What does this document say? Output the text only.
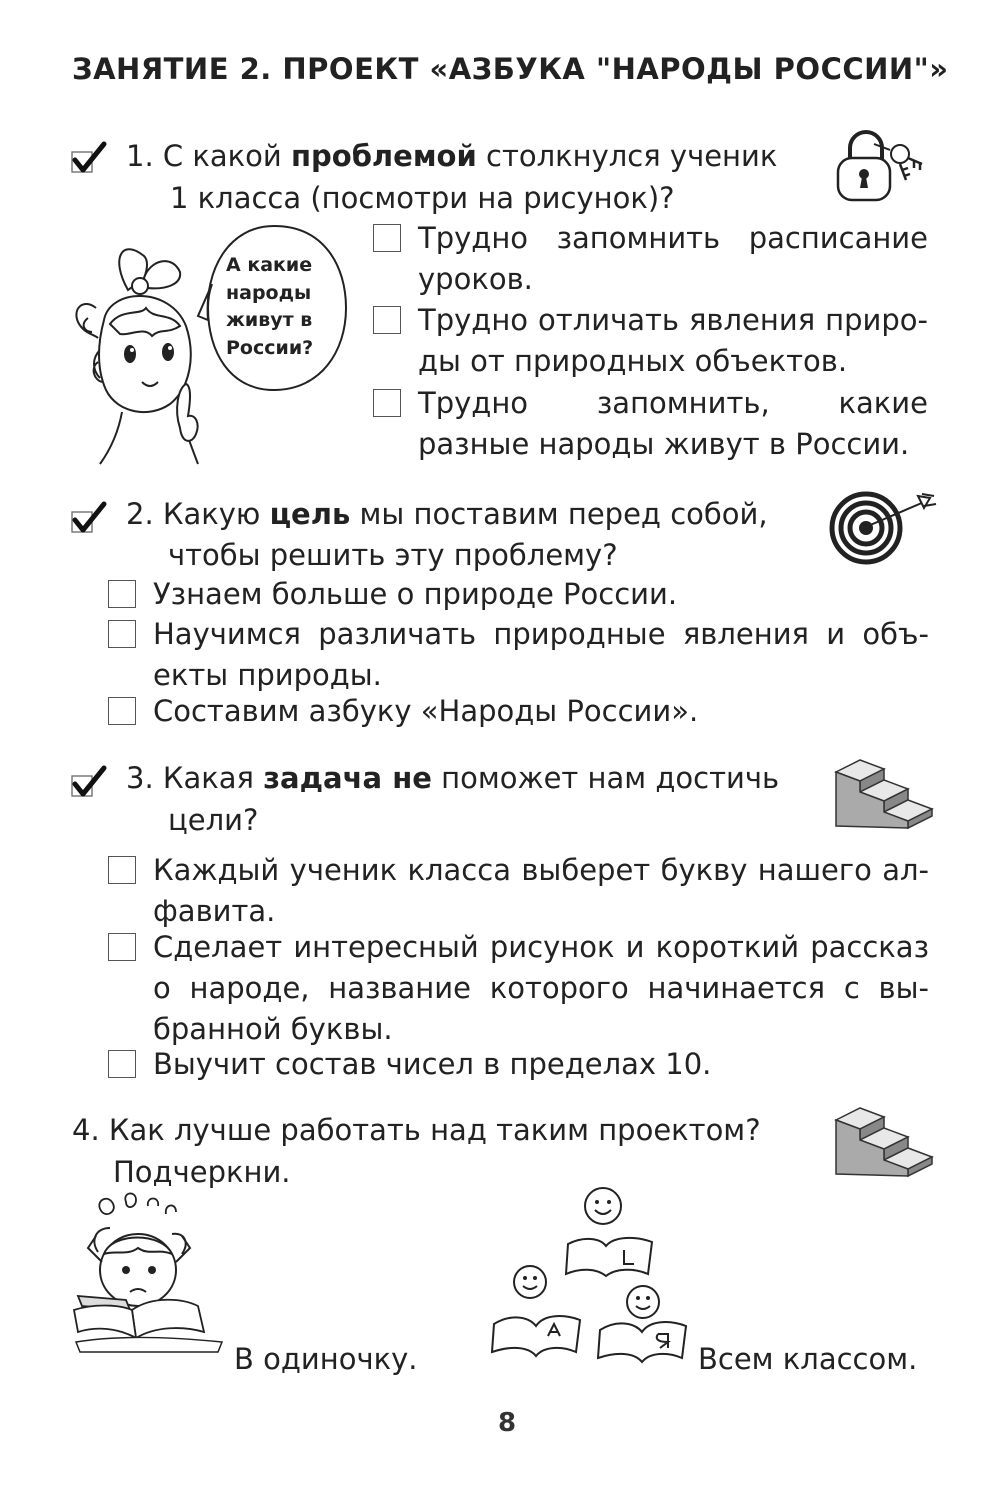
ЗАНЯТИЕ 2. ПРОЕКТ «АЗБУКА "НАРОДЫ РОССИИ"»
1. С какой проблемой столкнулся ученик
1 класса (посмотри на рисунок)?
А какие
народы
живут в
России?
Трудно запомнить расписание уроков.
Трудно отличать явления приро-ды от природных объектов.
Трудно запомнить, какие разные народы живут в России.
2. Какую цель мы поставим перед собой,
чтобы решить эту проблему?
Узнаем больше о природе России.
Научимся различать природные явления и объ-екты природы.
Составим азбуку «Народы России».
3. Какая задача не поможет нам достичь
цели?
Каждый ученик класса выберет букву нашего ал-фавита.
Сделает интересный рисунок и короткий рассказ о народе, название которого начинается с вы-бранной буквы.
Выучит состав чисел в пределах 10.
4. Как лучше работать над таким проектом?
Подчеркни.
В одиночку.	Всем классом.
8
